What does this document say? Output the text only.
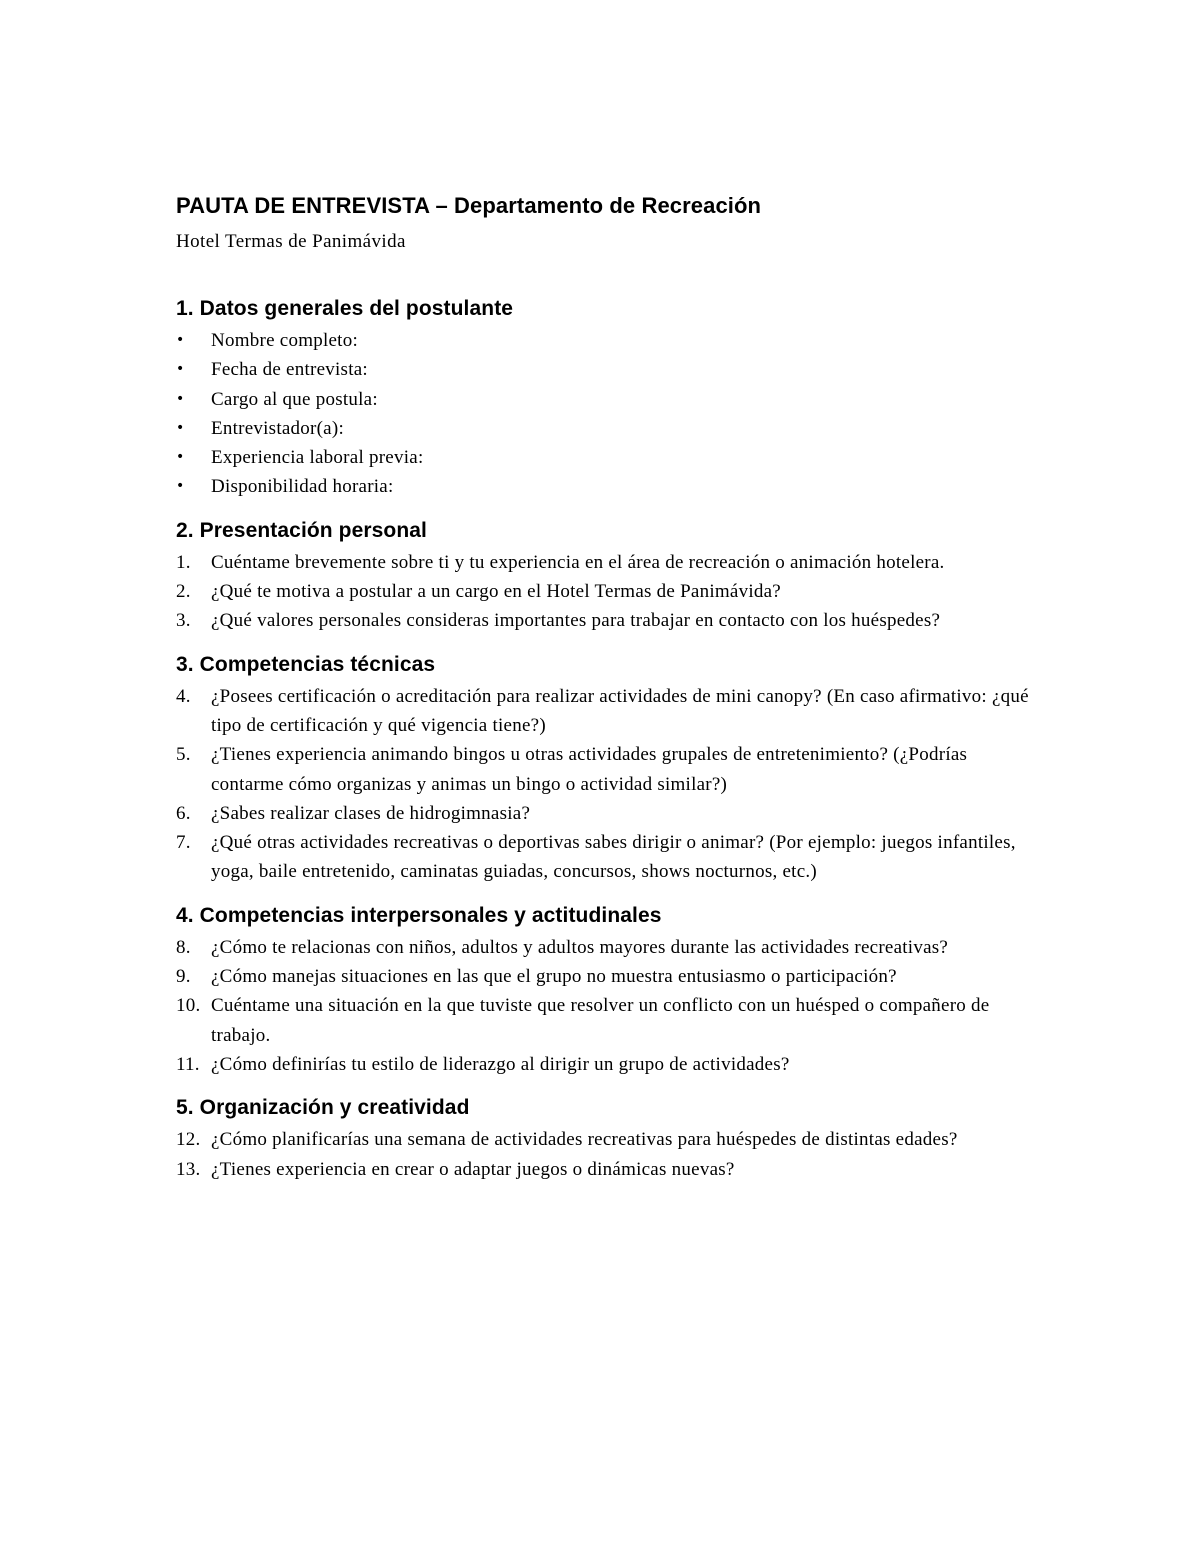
PAUTA DE ENTREVISTA – Departamento de Recreación

Hotel Termas de Panimávida

1. Datos generales del postulante
• Nombre completo:
• Fecha de entrevista:
• Cargo al que postula:
• Entrevistador(a):
• Experiencia laboral previa:
• Disponibilidad horaria:
2. Presentación personal
1. Cuéntame brevemente sobre ti y tu experiencia en el área de recreación o animación hotelera.
2. ¿Qué te motiva a postular a un cargo en el Hotel Termas de Panimávida?
3. ¿Qué valores personales consideras importantes para trabajar en contacto con los huéspedes?
3. Competencias técnicas
4. ¿Posees certificación o acreditación para realizar actividades de mini canopy? (En caso afirmativo: ¿qué tipo de certificación y qué vigencia tiene?)
5. ¿Tienes experiencia animando bingos u otras actividades grupales de entretenimiento? (¿Podrías contarme cómo organizas y animas un bingo o actividad similar?)
6. ¿Sabes realizar clases de hidrogimnasia?
7. ¿Qué otras actividades recreativas o deportivas sabes dirigir o animar? (Por ejemplo: juegos infantiles, yoga, baile entretenido, caminatas guiadas, concursos, shows nocturnos, etc.)
4. Competencias interpersonales y actitudinales
8. ¿Cómo te relacionas con niños, adultos y adultos mayores durante las actividades recreativas?
9. ¿Cómo manejas situaciones en las que el grupo no muestra entusiasmo o participación?
10. Cuéntame una situación en la que tuviste que resolver un conflicto con un huésped o compañero de trabajo.
11. ¿Cómo definirías tu estilo de liderazgo al dirigir un grupo de actividades?
5. Organización y creatividad
12. ¿Cómo planificarías una semana de actividades recreativas para huéspedes de distintas edades?
13. ¿Tienes experiencia en crear o adaptar juegos o dinámicas nuevas?
